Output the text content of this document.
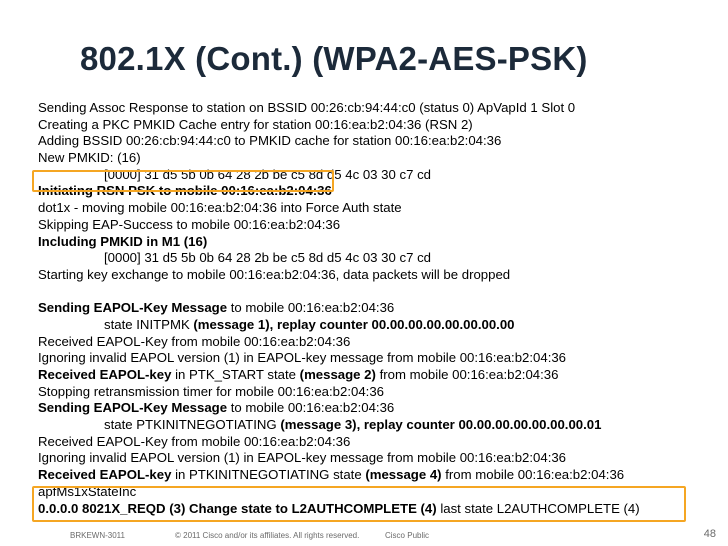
802.1X (Cont.) (WPA2-AES-PSK)
Sending Assoc Response to station on BSSID 00:26:cb:94:44:c0 (status 0) ApVapId 1 Slot 0
Creating a PKC PMKID Cache entry for station 00:16:ea:b2:04:36 (RSN 2)
Adding BSSID 00:26:cb:94:44:c0 to PMKID cache for station 00:16:ea:b2:04:36
New PMKID: (16)
[0000] 31 d5 5b 0b 64 28 2b be c5 8d d5 4c 03 30 c7 cd
Initiating RSN PSK to mobile 00:16:ea:b2:04:36
dot1x - moving mobile 00:16:ea:b2:04:36 into Force Auth state
Skipping EAP-Success to mobile 00:16:ea:b2:04:36
Including PMKID in M1 (16)
[0000] 31 d5 5b 0b 64 28 2b be c5 8d d5 4c 03 30 c7 cd
Starting key exchange to mobile 00:16:ea:b2:04:36, data packets will be dropped
Sending EAPOL-Key Message to mobile 00:16:ea:b2:04:36
state INITPMK (message 1), replay counter 00.00.00.00.00.00.00.00
Received EAPOL-Key from mobile 00:16:ea:b2:04:36
Ignoring invalid EAPOL version (1) in EAPOL-key message from mobile 00:16:ea:b2:04:36
Received EAPOL-key in PTK_START state (message 2) from mobile 00:16:ea:b2:04:36
Stopping retransmission timer for mobile 00:16:ea:b2:04:36
Sending EAPOL-Key Message to mobile 00:16:ea:b2:04:36
state PTKINITNEGOTIATING (message 3), replay counter 00.00.00.00.00.00.00.01
Received EAPOL-Key from mobile 00:16:ea:b2:04:36
Ignoring invalid EAPOL version (1) in EAPOL-key message from mobile 00:16:ea:b2:04:36
Received EAPOL-key in PTKINITNEGOTIATING state (message 4) from mobile 00:16:ea:b2:04:36
apfMs1xStateInc
0.0.0.0 8021X_REQD (3) Change state to L2AUTHCOMPLETE (4) last state L2AUTHCOMPLETE (4)
BRKEWN-3011	© 2011 Cisco and/or its affiliates. All rights reserved.	Cisco Public	48
